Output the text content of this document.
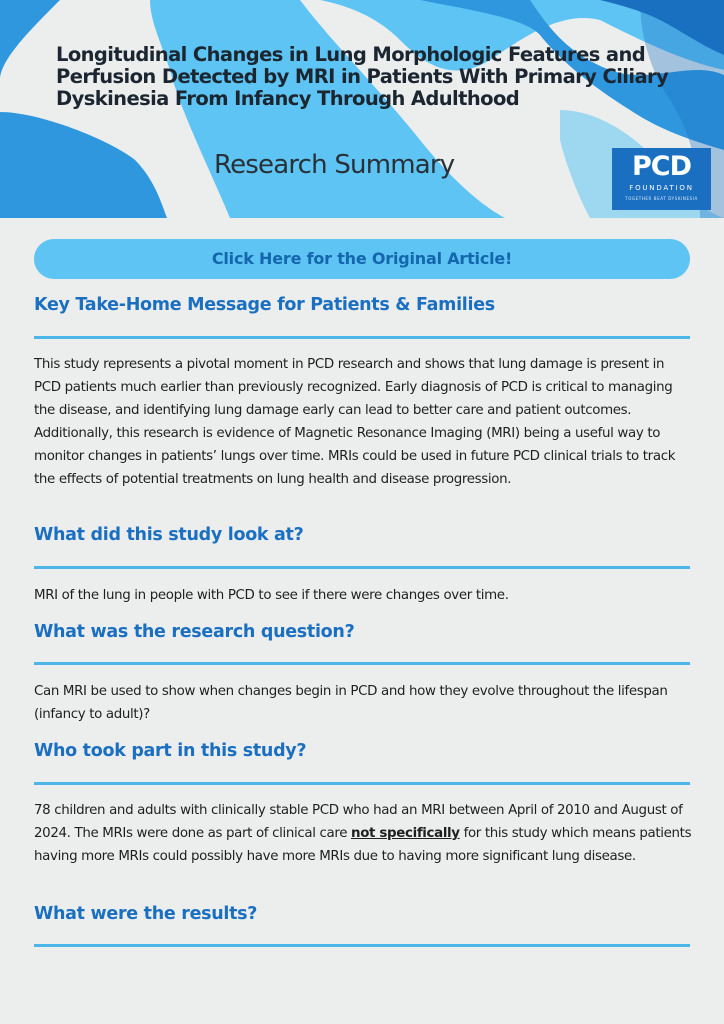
Longitudinal Changes in Lung Morphologic Features and Perfusion Detected by MRI in Patients With Primary Ciliary Dyskinesia From Infancy Through Adulthood
Research Summary	PCD
FOUNDATION
TOGETHER BEAT DYSKINESIA
Click Here for the Original Article!
Key Take-Home Message for Patients & Families

This study represents a pivotal moment in PCD research and shows that lung damage is present in PCD patients much earlier than previously recognized. Early diagnosis of PCD is critical to managing the disease, and identifying lung damage early can lead to better care and patient outcomes. Additionally, this research is evidence of Magnetic Resonance Imaging (MRI) being a useful way to monitor changes in patients’ lungs over time. MRIs could be used in future PCD clinical trials to track the effects of potential treatments on lung health and disease progression.

What did this study look at?

MRI of the lung in people with PCD to see if there were changes over time.

What was the research question?

Can MRI be used to show when changes begin in PCD and how they evolve throughout the lifespan (infancy to adult)?

Who took part in this study?

78 children and adults with clinically stable PCD who had an MRI between April of 2010 and August of 2024. The MRIs were done as part of clinical care not specifically for this study which means patients having more MRIs could possibly have more MRIs due to having more significant lung disease.

What were the results?
